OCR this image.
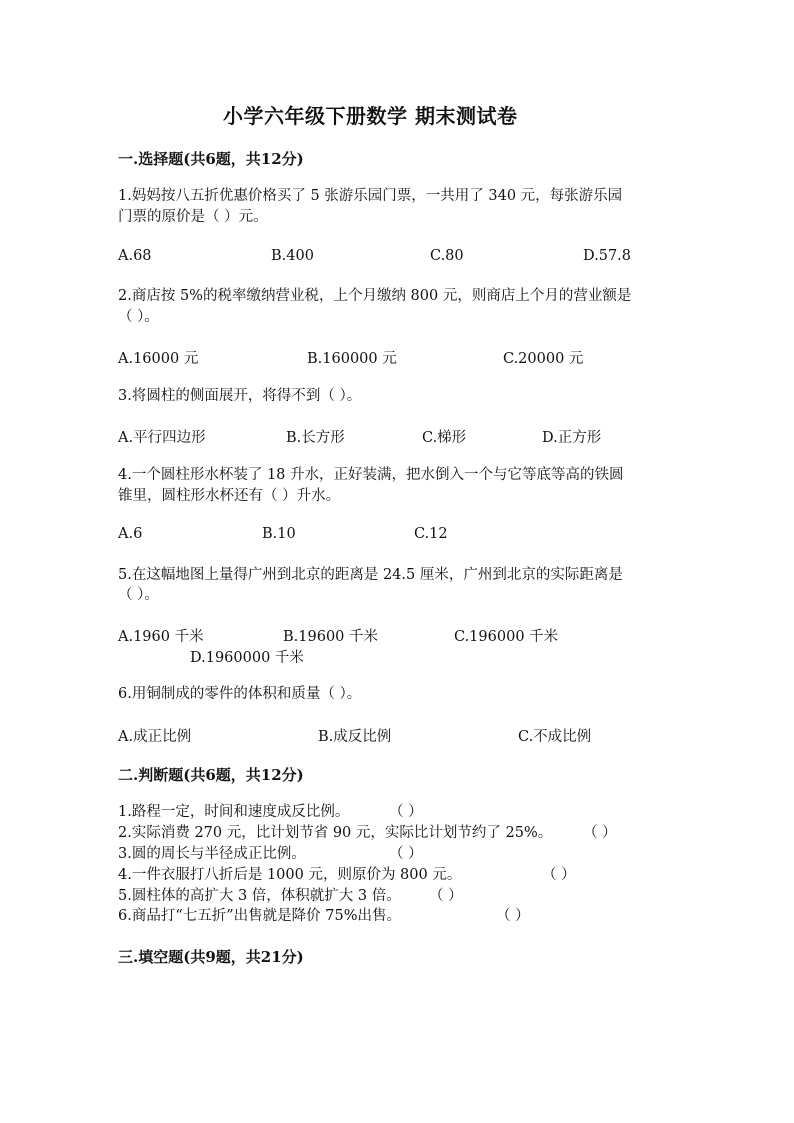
小学六年级下册数学 期末测试卷
一.选择题(共6题，共12分)
1.妈妈按八五折优惠价格买了 5 张游乐园门票，一共用了 340 元，每张游乐园
门票的原价是（ ）元。
A.68	B.400	C.80	D.57.8
2.商店按 5%的税率缴纳营业税，上个月缴纳 800 元，则商店上个月的营业额是
（ ）。
A.16000 元	B.160000 元	C.20000 元
3.将圆柱的侧面展开，将得不到（ ）。
A.平行四边形	B.长方形	C.梯形	D.正方形
4.一个圆柱形水杯装了 18 升水，正好装满，把水倒入一个与它等底等高的铁圆
锥里，圆柱形水杯还有（ ）升水。
A.6	B.10	C.12
5.在这幅地图上量得广州到北京的距离是 24.5 厘米，广州到北京的实际距离是
（ ）。
A.1960 千米	B.19600 千米	C.196000 千米
D.1960000 千米
6.用铜制成的零件的体积和质量（ ）。
A.成正比例	B.成反比例	C.不成比例
二.判断题(共6题，共12分)
1.路程一定，时间和速度成反比例。	（ ）
2.实际消费 270 元，比计划节省 90 元，实际比计划节约了 25%。 （ ）
3.圆的周长与半径成正比例。	（ ）
4.一件衣服打八折后是 1000 元，则原价为 800 元。	（ ）
5.圆柱体的高扩大 3 倍，体积就扩大 3 倍。 （ ）
6.商品打“七五折”出售就是降价 75%出售。	（ ）
三.填空题(共9题，共21分)
